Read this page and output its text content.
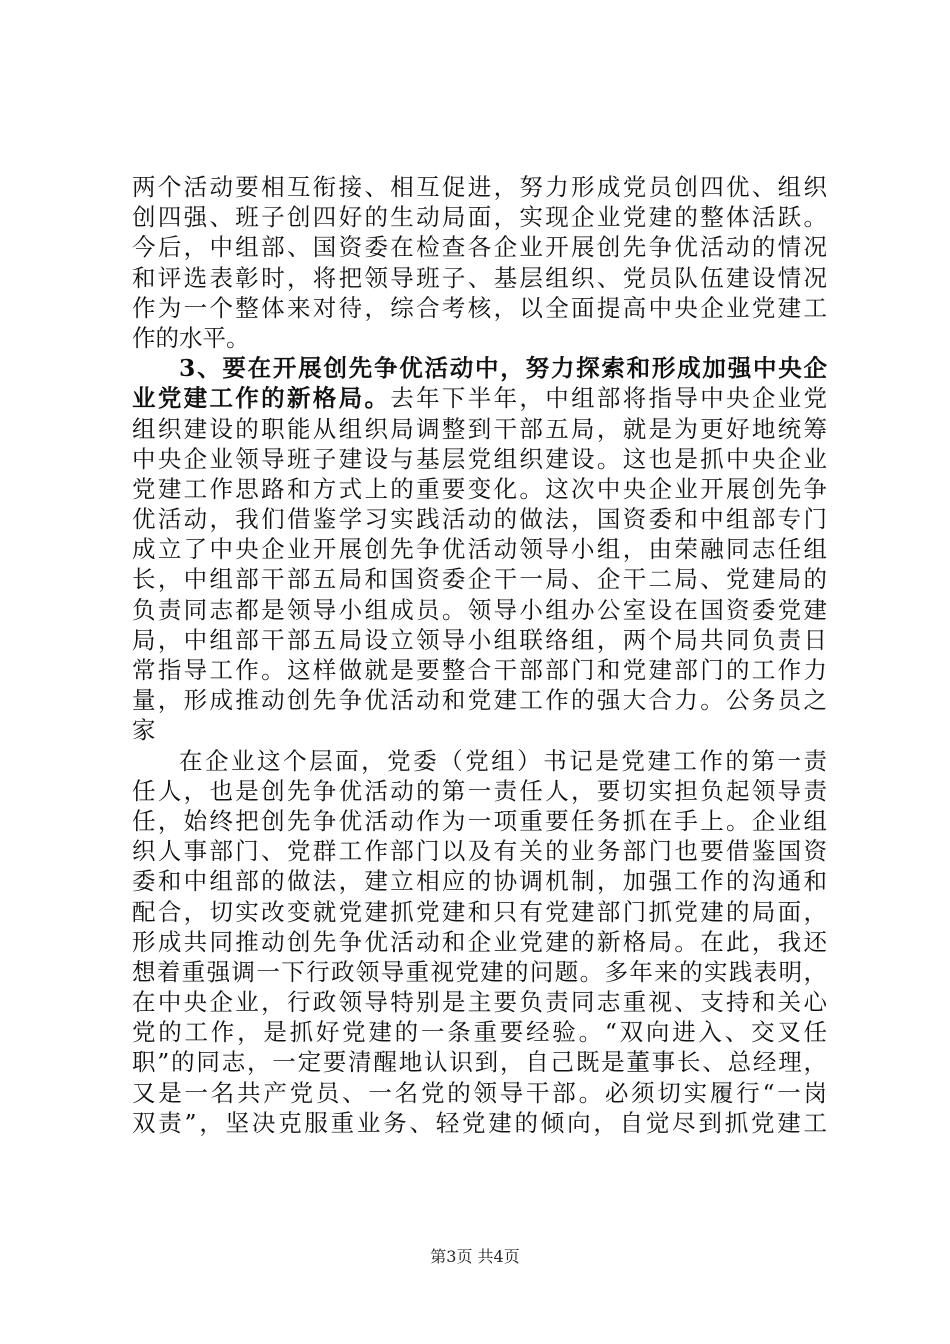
两个活动要相互衔接、相互促进，努力形成党员创四优、组织
创四强、班子创四好的生动局面，实现企业党建的整体活跃。
今后，中组部、国资委在检查各企业开展创先争优活动的情况
和评选表彰时，将把领导班子、基层组织、党员队伍建设情况
作为一个整体来对待，综合考核，以全面提高中央企业党建工
作的水平。
3、要在开展创先争优活动中，努力探索和形成加强中央企
业党建工作的新格局。去年下半年，中组部将指导中央企业党
组织建设的职能从组织局调整到干部五局，就是为更好地统筹
中央企业领导班子建设与基层党组织建设。这也是抓中央企业
党建工作思路和方式上的重要变化。这次中央企业开展创先争
优活动，我们借鉴学习实践活动的做法，国资委和中组部专门
成立了中央企业开展创先争优活动领导小组，由荣融同志任组
长，中组部干部五局和国资委企干一局、企干二局、党建局的
负责同志都是领导小组成员。领导小组办公室设在国资委党建
局，中组部干部五局设立领导小组联络组，两个局共同负责日
常指导工作。这样做就是要整合干部部门和党建部门的工作力
量，形成推动创先争优活动和党建工作的强大合力。公务员之
家
在企业这个层面，党委（党组）书记是党建工作的第一责
任人，也是创先争优活动的第一责任人，要切实担负起领导责
任，始终把创先争优活动作为一项重要任务抓在手上。企业组
织人事部门、党群工作部门以及有关的业务部门也要借鉴国资
委和中组部的做法，建立相应的协调机制，加强工作的沟通和
配合，切实改变就党建抓党建和只有党建部门抓党建的局面，
形成共同推动创先争优活动和企业党建的新格局。在此，我还
想着重强调一下行政领导重视党建的问题。多年来的实践表明，
在中央企业，行政领导特别是主要负责同志重视、支持和关心
党的工作，是抓好党建的一条重要经验。“双向进入、交叉任
职”的同志，一定要清醒地认识到，自己既是董事长、总经理，
又是一名共产党员、一名党的领导干部。必须切实履行“一岗
双责”，坚决克服重业务、轻党建的倾向，自觉尽到抓党建工
第3页 共4页
